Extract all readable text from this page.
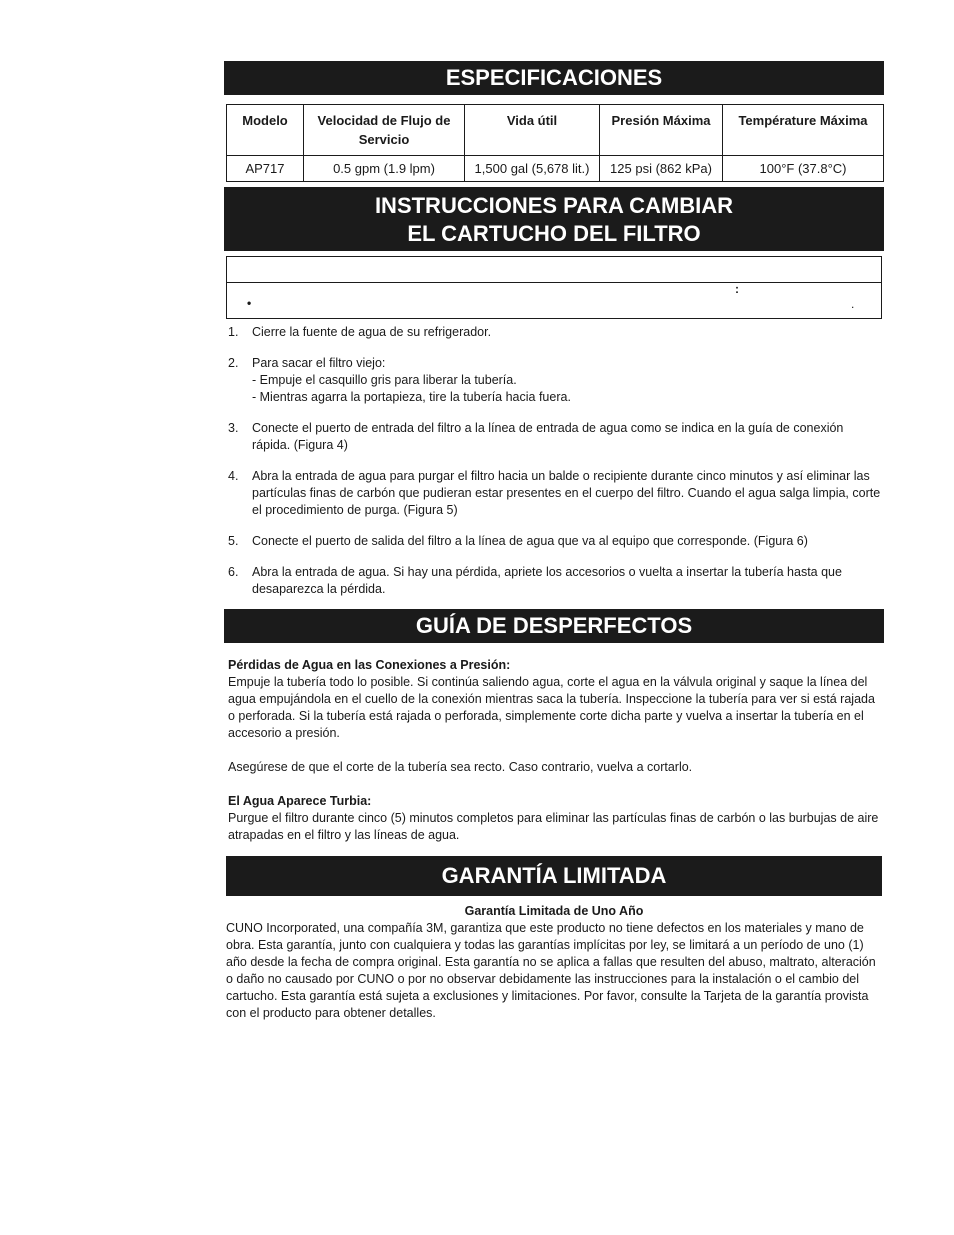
ESPECIFICACIONES
Modelo	Velocidad de Flujo de Servicio	Vida útil	Presión Máxima	Température Máxima
AP717	0.5 gpm (1.9 lpm)	1,500 gal (5,678 lit.)	125 psi (862 kPa)	100°F (37.8°C)
INSTRUCCIONES PARA CAMBIAR
EL CARTUCHO DEL FILTRO
:
•	.
1. Cierre la fuente de agua de su refrigerador.
2. Para sacar el filtro viejo:
- Empuje el casquillo gris para liberar la tubería.
- Mientras agarra la portapieza, tire la tubería hacia fuera.
3. Conecte el puerto de entrada del filtro a la línea de entrada de agua como se indica en la guía de conexión rápida. (Figura 4)
4. Abra la entrada de agua para purgar el filtro hacia un balde o recipiente durante cinco minutos y así eliminar las partículas finas de carbón que pudieran estar presentes en el cuerpo del filtro. Cuando el agua salga limpia, corte el procedimiento de purga. (Figura 5)
5. Conecte el puerto de salida del filtro a la línea de agua que va al equipo que corresponde. (Figura 6)
6. Abra la entrada de agua. Si hay una pérdida, apriete los accesorios o vuelta a insertar la tubería hasta que desaparezca la pérdida.
GUÍA DE DESPERFECTOS
Pérdidas de Agua en las Conexiones a Presión:

Empuje la tubería todo lo posible. Si continúa saliendo agua, corte el agua en la válvula original y saque la línea del agua empujándola en el cuello de la conexión mientras saca la tubería. Inspeccione la tubería para ver si está rajada o perforada. Si la tubería está rajada o perforada, simplemente corte dicha parte y vuelva a insertar la tubería en el accesorio a presión.

Asegúrese de que el corte de la tubería sea recto. Caso contrario, vuelva a cortarlo.

El Agua Aparece Turbia:

Purgue el filtro durante cinco (5) minutos completos para eliminar las partículas finas de carbón o las burbujas de aire atrapadas en el filtro y las líneas de agua.

GARANTÍA LIMITADA
Garantía Limitada de Uno Año

CUNO Incorporated, una compañía 3M, garantiza que este producto no tiene defectos en los materiales y mano de obra. Esta garantía, junto con cualquiera y todas las garantías implícitas por ley, se limitará a un período de uno (1) año desde la fecha de compra original. Esta garantía no se aplica a fallas que resulten del abuso, maltrato, alteración o daño no causado por CUNO o por no observar debidamente las instrucciones para la instalación o el cambio del cartucho. Esta garantía está sujeta a exclusiones y limitaciones. Por favor, consulte la Tarjeta de la garantía provista con el producto para obtener detalles.
